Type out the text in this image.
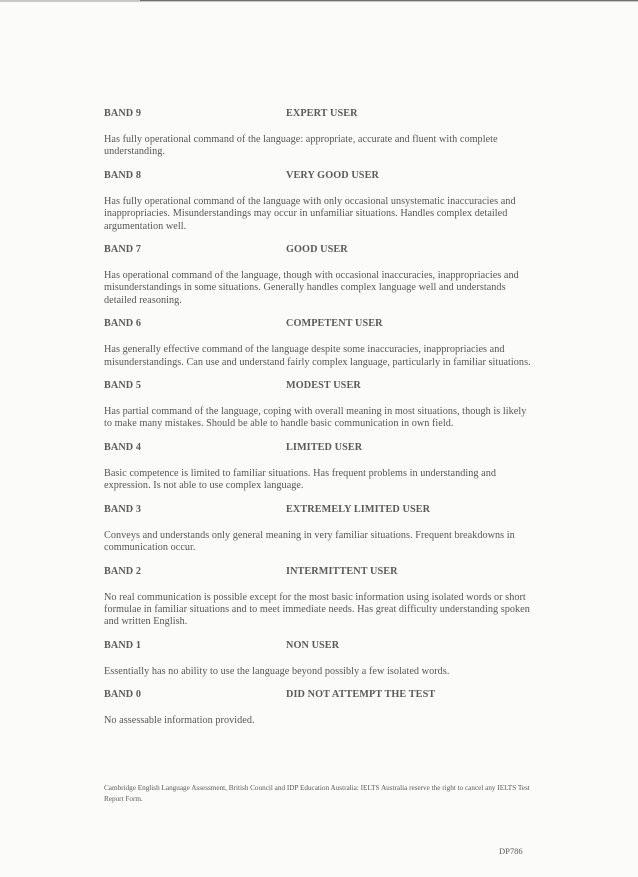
BAND 9	EXPERT USER

Has fully operational command of the language: appropriate, accurate and fluent with complete understanding.

BAND 8	VERY GOOD USER

Has fully operational command of the language with only occasional unsystematic inaccuracies and inappropriacies. Misunderstandings may occur in unfamiliar situations. Handles complex detailed argumentation well.

BAND 7	GOOD USER

Has operational command of the language, though with occasional inaccuracies, inappropriacies and misunderstandings in some situations. Generally handles complex language well and understands detailed reasoning.

BAND 6	COMPETENT USER

Has generally effective command of the language despite some inaccuracies, inappropriacies and misunderstandings. Can use and understand fairly complex language, particularly in familiar situations.

BAND 5	MODEST USER

Has partial command of the language, coping with overall meaning in most situations, though is likely to make many mistakes. Should be able to handle basic communication in own field.

BAND 4	LIMITED USER

Basic competence is limited to familiar situations. Has frequent problems in understanding and expression. Is not able to use complex language.

BAND 3	EXTREMELY LIMITED USER

Conveys and understands only general meaning in very familiar situations. Frequent breakdowns in communication occur.

BAND 2	INTERMITTENT USER

No real communication is possible except for the most basic information using isolated words or short formulae in familiar situations and to meet immediate needs. Has great difficulty understanding spoken and written English.

BAND 1	NON USER

Essentially has no ability to use the language beyond possibly a few isolated words.

BAND 0	DID NOT ATTEMPT THE TEST

No assessable information provided.

Cambridge English Language Assessment, British Council and IDP Education Australia: IELTS Australia reserve the right to cancel any IELTS Test Report Form.
DP786
